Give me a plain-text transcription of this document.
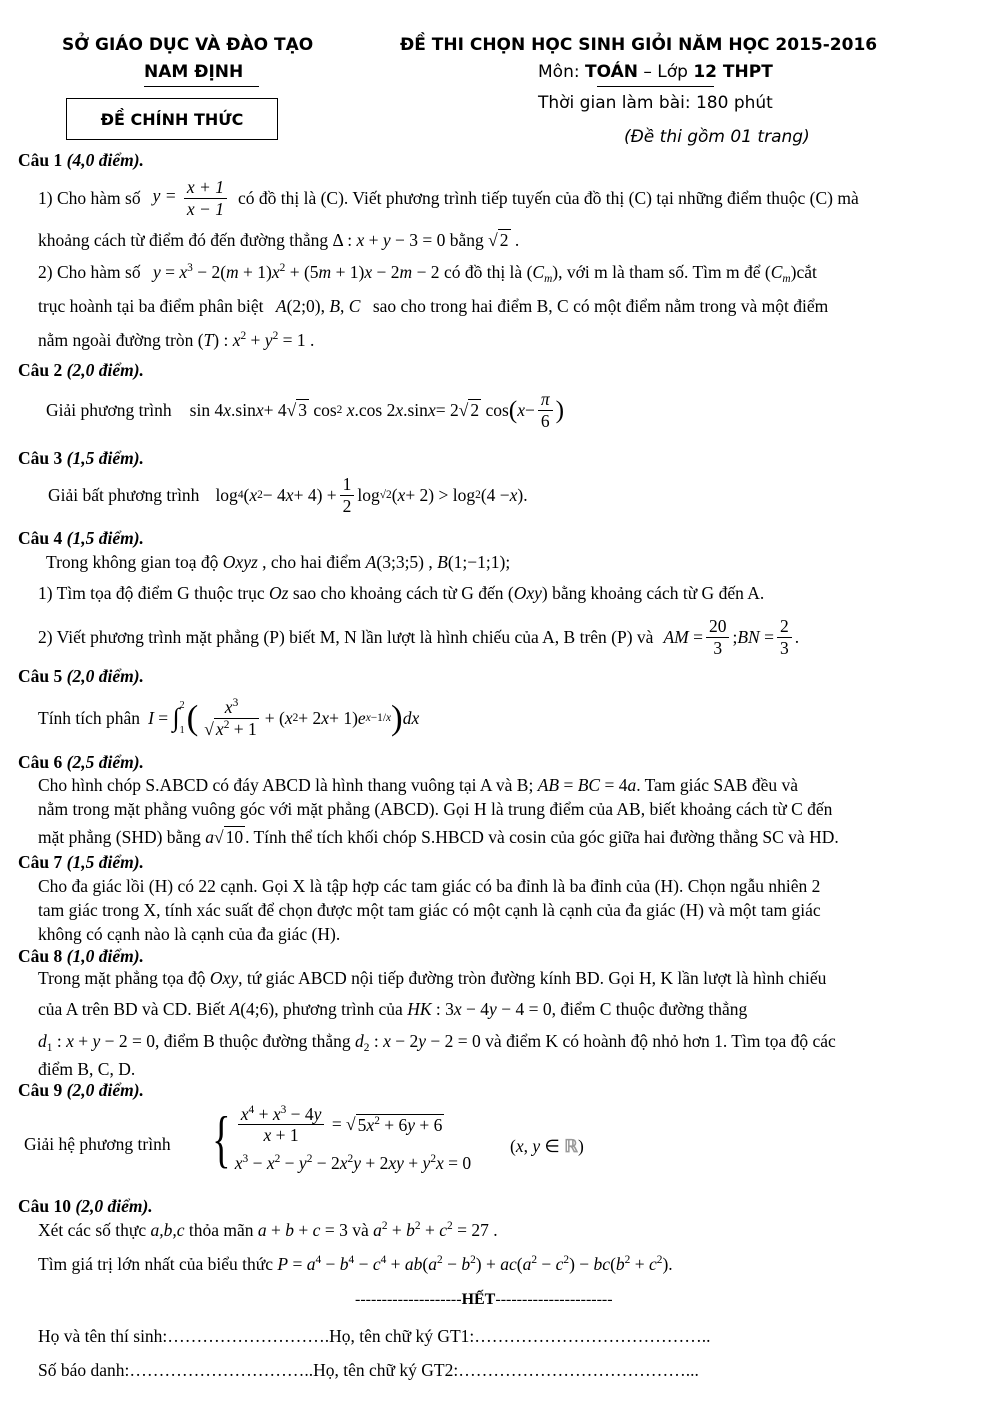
SỞ GIÁO DỤC VÀ ĐÀO TẠO
NAM ĐỊNH
ĐỀ THI CHỌN HỌC SINH GIỎI NĂM HỌC 2015-2016
Môn: TOÁN – Lớp 12 THPT
Thời gian làm bài: 180 phút
ĐỀ CHÍNH THỨC
(Đề thi gồm 01 trang)
Câu 1 (4,0 điểm).
1) Cho hàm số $y = \frac{x + 1}{x - 1}$ có đồ thị là (C). Viết phương trình tiếp tuyến của đồ thị (C) tại những điểm thuộc (C) mà
khoảng cách từ điểm đó đến đường thẳng Δ : x + y − 3 = 0 bằng √ 2 .
2) Cho hàm số $y = x^3 - 2(m + 1)x^2 + (5m + 1)x - 2m - 2$ có đồ thị là $(C_m)$, với m là tham số. Tìm m để $(C_m)cắt$
trục hoành tại ba điểm phân biệt A(2;0), B, C sao cho trong hai điểm B, C có một điểm nằm trong và một điểm
nằm ngoài đường tròn (T) : $x^2 + y^2 = 1$ .
Câu 2 (2,0 điểm).
Giải phương trình sin 4 x .sin x + 4√ 3 cos 2
x .cos 2 x .sin x = 2√ 2 cos ( $x - \frac{\pi}{6}$ )
Câu 3 (1,5 điểm).
Giải bất phương trình log 4 ( x 2 − 4 $x + 4) + \frac{1}{2}$ log √2 ( x + 2) > log 2 (4 − x ).
Câu 4 (1,5 điểm).
Trong không gian toạ độ Oxyz , cho hai điểm A(3;3;5) , B(1;−1;1);
1) Tìm tọa độ điểm G thuộc trục Oz sao cho khoảng cách từ G đến (Oxy) bằng khoảng cách từ G đến A.
2) Viết phương trình mặt phẳng (P) biết M, N lần lượt là hình chiếu của A, B trên (P) và AM = $\frac{20}{3}$ ; BN = $\frac{2}{3}$ .
Câu 5 (2,0 điểm).
Tính tích phân I = ∫ 2
1 ( $\frac{x^3}{√ x^2 + 1}$ + ( x 2 + 2 x + 1) e x−1/x ) dx
Câu 6 (2,5 điểm).
Cho hình chóp S.ABCD có đáy ABCD là hình thang vuông tại A và B; AB = BC = 4a. Tam giác SAB đều và
nằm trong mặt phẳng vuông góc với mặt phẳng (ABCD). Gọi H là trung điểm của AB, biết khoảng cách từ C đến
mặt phẳng (SHD) bằng a√ 10 . Tính thể tích khối chóp S.HBCD và cosin của góc giữa hai đường thẳng SC và HD.
Câu 7 (1,5 điểm).
Cho đa giác lồi (H) có 22 cạnh. Gọi X là tập hợp các tam giác có ba đỉnh là ba đỉnh của (H). Chọn ngẫu nhiên 2
tam giác trong X, tính xác suất để chọn được một tam giác có một cạnh là cạnh của đa giác (H) và một tam giác
không có cạnh nào là cạnh của đa giác (H).
Câu 8 (1,0 điểm).
Trong mặt phẳng tọa độ Oxy, tứ giác ABCD nội tiếp đường tròn đường kính BD. Gọi H, K lần lượt là hình chiếu
của A trên BD và CD. Biết A(4;6), phương trình của HK : 3x − 4y − 4 = 0, điểm C thuộc đường thẳng
$d_1$ : x + y − 2 = 0, điểm B thuộc đường thẳng $d_2$ : x − 2y − 2 = 0 và điểm K có hoành độ nhỏ hơn 1. Tìm tọa độ các
điểm B, C, D.
Câu 9 (2,0 điểm).
Giải hệ phương trình { $\frac{x^4 + x^3 - 4y}{x + 1}$ = √ $5x^2 + 6y + 6$
$x^3 - x^2 - y^2 - 2x^2y + 2xy + y^2x = 0$
(x, y ∈ ℝ)
Câu 10 (2,0 điểm).
Xét các số thực a,b,c thỏa mãn a + b + c = 3 và $a^2 + b^2 + c^2 = 27$ .
Tìm giá trị lớn nhất của biểu thức $P = a^4 - b^4 - c^4 + ab(a^2 - b^2) + ac(a^2 - c^2) - bc(b^2 + c^2)$.
--------------------HẾT----------------------
Họ và tên thí sinh:……………………….Họ, tên chữ ký GT1:…………………………………..
Số báo danh:…………………………..Họ, tên chữ ký GT2:…………………………………...
